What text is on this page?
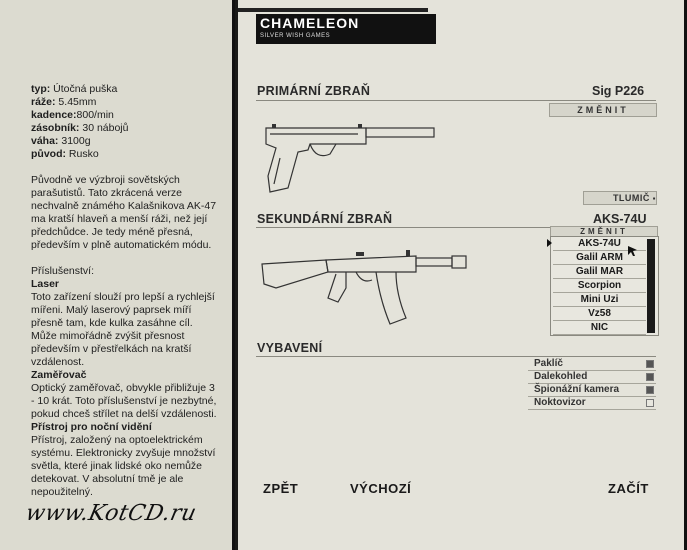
typ: Útočná puška

ráže: 5.45mm

kadence:800/min

zásobník: 30 nábojů

váha: 3100g

původ: Rusko

Původně ve výzbroji sovětských parašutistů. Tato zkrácená verze nechvalně známého Kalašnikova AK-47 ma kratší hlaveň a menší ráži, než její předchůdce. Je tedy méně přesná, především v plně automatickém módu.

Příslušenství:

Laser

Toto zařízení slouží pro lepší a rychlejší mířeni. Malý laserový paprsek míří přesně tam, kde kulka zasáhne cíl. Může mimořádně zvýšit přesnost především v přestřelkách na kratší vzdálenost.

Zaměřovač

Optický zaměřovač, obvykle přibližuje 3 - 10 krát. Toto příslušenství je nezbytné, pokud chceš střílet na delší vzdálenosti.

Přístroj pro noční vidění

Přístroj, založený na optoelektrickém systému. Elektronicky zvyšuje množství světla, které jinak lidské oko nemůže detekovat. V absolutní tmě je ale nepoužitelný.

CHAMELEON
SILVER WISH GAMES
PRIMÁRNÍ ZBRAŇ	Sig P226
ZMĚNIT
TLUMIČ ▪
SEKUNDÁRNÍ ZBRAŇ	AKS-74U
ZMĚNIT
AKS-74U
Galil ARM
Galil MAR
Scorpion
Mini Uzi
Vz58
NIC
VYBAVENÍ
Paklíč
Dalekohled
Špionážní kamera
Noktovizor
ZPĚT	VÝCHOZÍ	ZAČÍT
www.KotCD.ru
